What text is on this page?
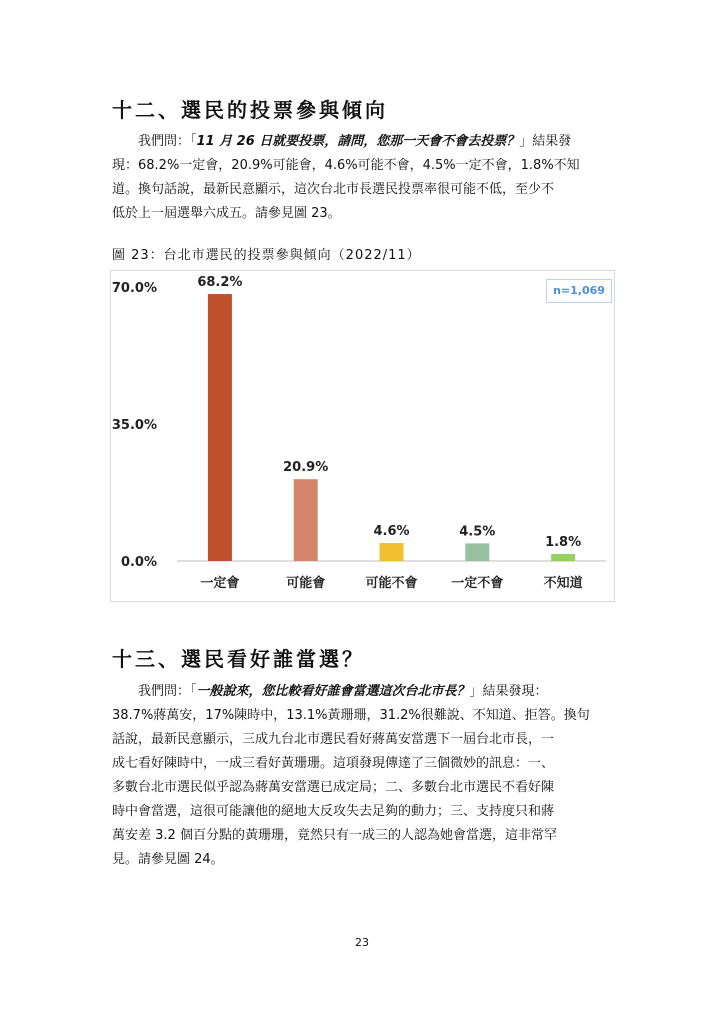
十二、選民的投票參與傾向

我們問：「11 月 26 日就要投票，請問，您那一天會不會去投票？」結果發
現：68.2%一定會，20.9%可能會，4.6%可能不會，4.5%一定不會，1.8%不知
道。換句話說，最新民意顯示，這次台北市長選民投票率很可能不低，至少不
低於上一屆選舉六成五。請參見圖 23。

圖 23：台北市選民的投票參與傾向（2022/11）

0.0%
35.0%
70.0%	68.2%
一定會
20.9%
可能會
4.6%
可能不會
4.5%
一定不會
1.8%
不知道
n=1,069
十三、選民看好誰當選？

我們問：「一般說來，您比較看好誰會當選這次台北市長？」結果發現：
38.7%蔣萬安，17%陳時中，13.1%黃珊珊，31.2%很難說、不知道、拒答。換句
話說，最新民意顯示，三成九台北市選民看好蔣萬安當選下一屆台北市長，一
成七看好陳時中，一成三看好黃珊珊。這項發現傳達了三個微妙的訊息：一、
多數台北市選民似乎認為蔣萬安當選已成定局；二、多數台北市選民不看好陳
時中會當選，這很可能讓他的絕地大反攻失去足夠的動力；三、支持度只和蔣
萬安差 3.2 個百分點的黃珊珊，竟然只有一成三的人認為她會當選，這非常罕
見。請參見圖 24。

23
